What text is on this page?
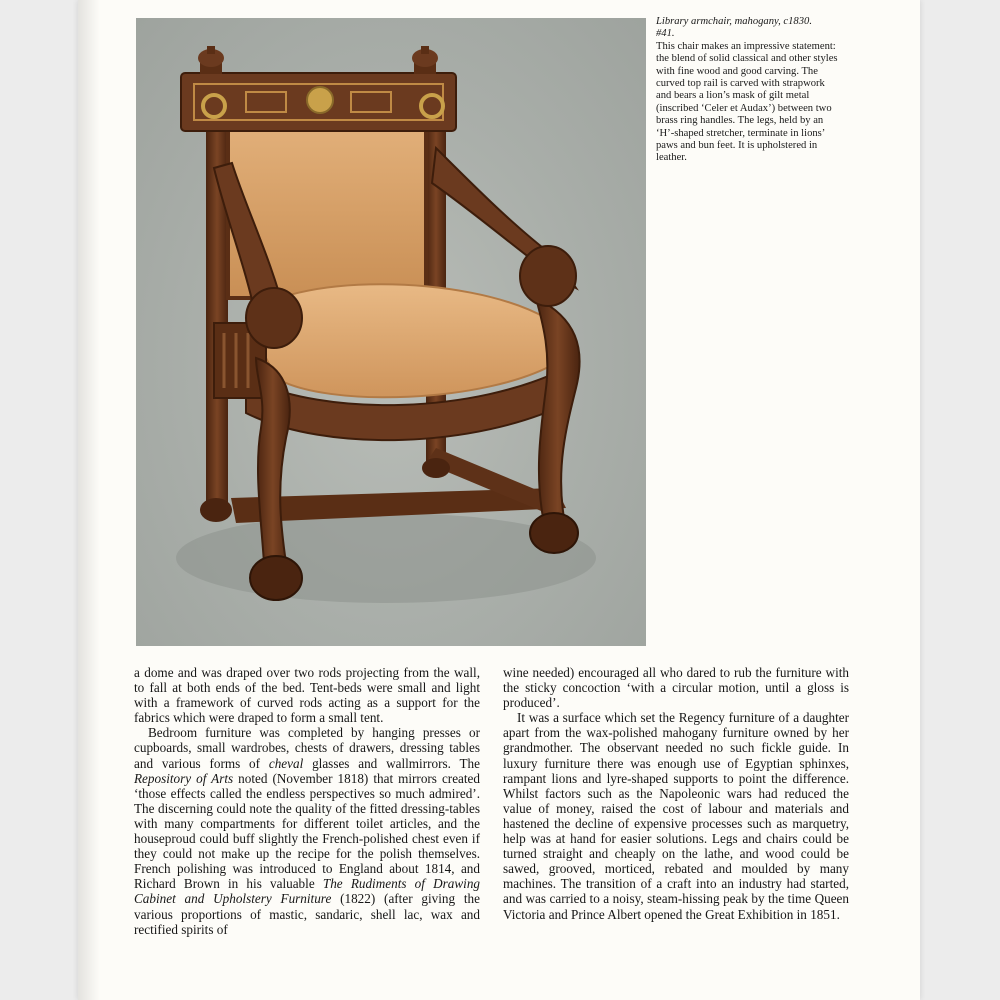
Library armchair, mahogany, c1830.
#41.
This chair makes an impressive statement: the blend of solid classical and other styles with fine wood and good carving. The curved top rail is carved with strapwork and bears a lion’s mask of gilt metal (inscribed ‘Celer et Audax’) between two brass ring handles. The legs, held by an ‘H’-shaped stretcher, terminate in lions’ paws and bun feet. It is upholstered in leather.

a dome and was draped over two rods projecting from the wall, to fall at both ends of the bed. Tent-beds were small and light with a framework of curved rods acting as a support for the fabrics which were draped to form a small tent.

Bedroom furniture was completed by hanging presses or cupboards, small wardrobes, chests of drawers, dressing tables and various forms of cheval glasses and wallmirrors. The Repository of Arts noted (November 1818) that mirrors created ‘those effects called the endless perspectives so much admired’. The discerning could note the quality of the fitted dressing-tables with many compartments for different toilet articles, and the houseproud could buff slightly the French-polished chest even if they could not make up the recipe for the polish themselves. French polishing was introduced to England about 1814, and Richard Brown in his valuable The Rudiments of Drawing Cabinet and Upholstery Furniture (1822) (after giving the various proportions of mastic, sandaric, shell lac, wax and rectified spirits of

wine needed) encouraged all who dared to rub the furniture with the sticky concoction ‘with a circular motion, until a gloss is produced’.

It was a surface which set the Regency furniture of a daughter apart from the wax-polished mahogany furniture owned by her grandmother. The observant needed no such fickle guide. In luxury furniture there was enough use of Egyptian sphinxes, rampant lions and lyre-shaped supports to point the difference. Whilst factors such as the Napoleonic wars had reduced the value of money, raised the cost of labour and materials and hastened the decline of expensive processes such as marquetry, help was at hand for easier solutions. Legs and chairs could be turned straight and cheaply on the lathe, and wood could be sawed, grooved, morticed, rebated and moulded by many machines. The transition of a craft into an industry had started, and was carried to a noisy, steam-hissing peak by the time Queen Victoria and Prince Albert opened the Great Exhibition in 1851.
